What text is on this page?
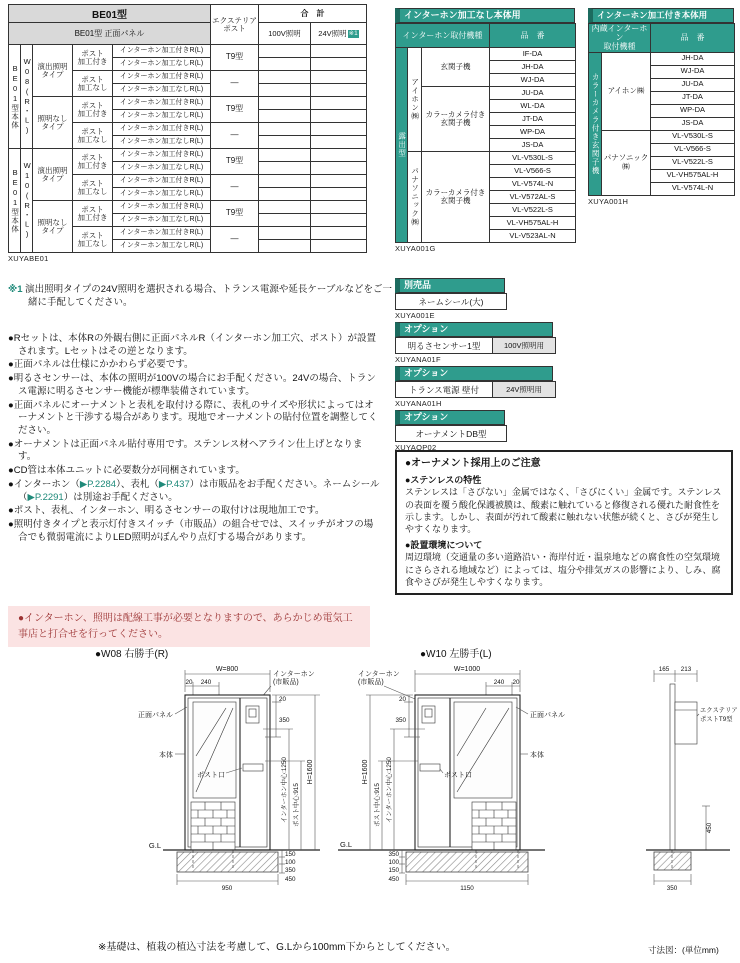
BE01型					エクステリア
ポスト	合　計	
BE01型 正面パネル						100V照明	24V照明 ※1
BE01型本体	W08(R・L)	演出照明
タイプ

ポスト
加工付き
	インターホン加工付きR(L)	T9型		
				インターホン加工なしR(L)			

			ポスト
加工なし	インターホン加工付きR(L)	―		
				インターホン加工なしR(L)			

照明なし
タイプ

ポスト
加工付き
	インターホン加工付きR(L)	T9型		
				インターホン加工なしR(L)			

			ポスト
加工なし	インターホン加工付きR(L)	―		
				インターホン加工なしR(L)			
BE01型本体	W10(R・L)	演出照明
タイプ

ポスト
加工付き
	インターホン加工付きR(L)	T9型		
				インターホン加工なしR(L)			

			ポスト
加工なし	インターホン加工付きR(L)	―		
				インターホン加工なしR(L)			

照明なし
タイプ

ポスト
加工付き
	インターホン加工付きR(L)	T9型		
				インターホン加工なしR(L)			

			ポスト
加工なし	インターホン加工付きR(L)	―		
				インターホン加工なしR(L)			
XUYABE01
インターホン加工なし本体用
インターホン取付機種			品　番
露出型	アイホン㈱	玄関子機	IF-DA
			JH-DA
			WJ-DA
		カラーカメラ付き玄関子機	JU-DA
			WL-DA
			JT-DA
			WP-DA
			JS-DA
	パナソニック㈱	カラーカメラ付き玄関子機	VL-V530L-S
			VL-V566-S
			VL-V574L-N
			VL-V572AL-S
			VL-V522L-S
			VL-VH575AL-H
			VL-V523AL-N
XUYA001G
インターホン加工付き本体用
内蔵インターホン
取付機種		品　番
カラーカメラ付き玄関子機	アイホン㈱	JH-DA
		WJ-DA
		JU-DA
		JT-DA
		WP-DA
		JS-DA
	パナソニック㈱	VL-V530L-S
		VL-V566-S
		VL-V522L-S
		VL-VH575AL-H
		VL-V574L-N
XUYA001H
※1 演出照明タイプの24V照明を選択される場合、トランス電源や延長ケーブルなどをご一緒に手配してください。

●Rセットは、本体Rの外観右側に正面パネルR（インターホン加工穴、ポスト）が設置されます。Lセットはその逆となります。

●正面パネルは仕様にかかわらず必要です。

●明るさセンサーは、本体の照明が100Vの場合にお手配ください。24Vの場合、トランス電源に明るさセンサー機能が標準装備されています。

●正面パネルにオーナメントと表札を取付ける際に、表札のサイズや形状によってはオーナメントと干渉する場合があります。現地でオーナメントの貼付位置を調整してください。

●オーナメントは正面パネル貼付専用です。ステンレス材ヘアライン仕上げとなります。

●CD管は本体ユニットに必要数分が同梱されています。

●インターホン（▶P.2284）、表札（▶P.437）は市販品をお手配ください。ネームシール（▶P.2291）は別途お手配ください。

●ポスト、表札、インターホン、明るさセンサーの取付けは現地加工です。

●照明付きタイプと表示灯付きスイッチ（市販品）の組合せでは、スイッチがオフの場合でも微弱電流によりLED照明がぼんやり点灯する場合があります。

●インターホン、照明は配線工事が必要となりますので、あらかじめ電気工事店と打合せを行ってください。
別売品
ネームシール(大)
XUYA001E
オプション
明るさセンサー1型	100V照明用
XUYANA01F
オプション
トランス電源 壁付	24V照明用
XUYANA01H
オプション
オーナメントDB型
XUYAOP02
●オーナメント採用上のご注意
●ステンレスの特性
ステンレスは「さびない」金属ではなく、「さびにくい」金属です。ステンレスの表面を覆う酸化保護被膜は、酸素に触れていると修復される優れた耐食性を示します。しかし、表面が汚れて酸素に触れない状態が続くと、さびが発生しやすくなります。
●設置環境について
周辺環境（交通量の多い道路沿い・海岸付近・温泉地などの腐食性の空気環境にさらされる地域など）によっては、塩分や排気ガスの影響により、しみ、腐食やさびが発生しやすくなります。
●W08 右勝手(R)	●W10 左勝手(L)
W=800
20 240
インターホン
(市販品)
G.L
正面パネル
本体
ポスト口
20
350
インターホン中心:1250 ポスト中心:915
H=1600
150
100
350
450
950
W=1000
240 20
インターホン
(市販品)
G.L
正面パネル
本体
ポスト口
20
350
インターホン中心:1250
ポスト中心:915
H=1600
350
100
150
450
1150
165 213
エクステリア
ポストT9型
450
350
※基礎は、植栽の植込寸法を考慮して、G.Lから100mm下からとしてください。	寸法図：(単位mm)
